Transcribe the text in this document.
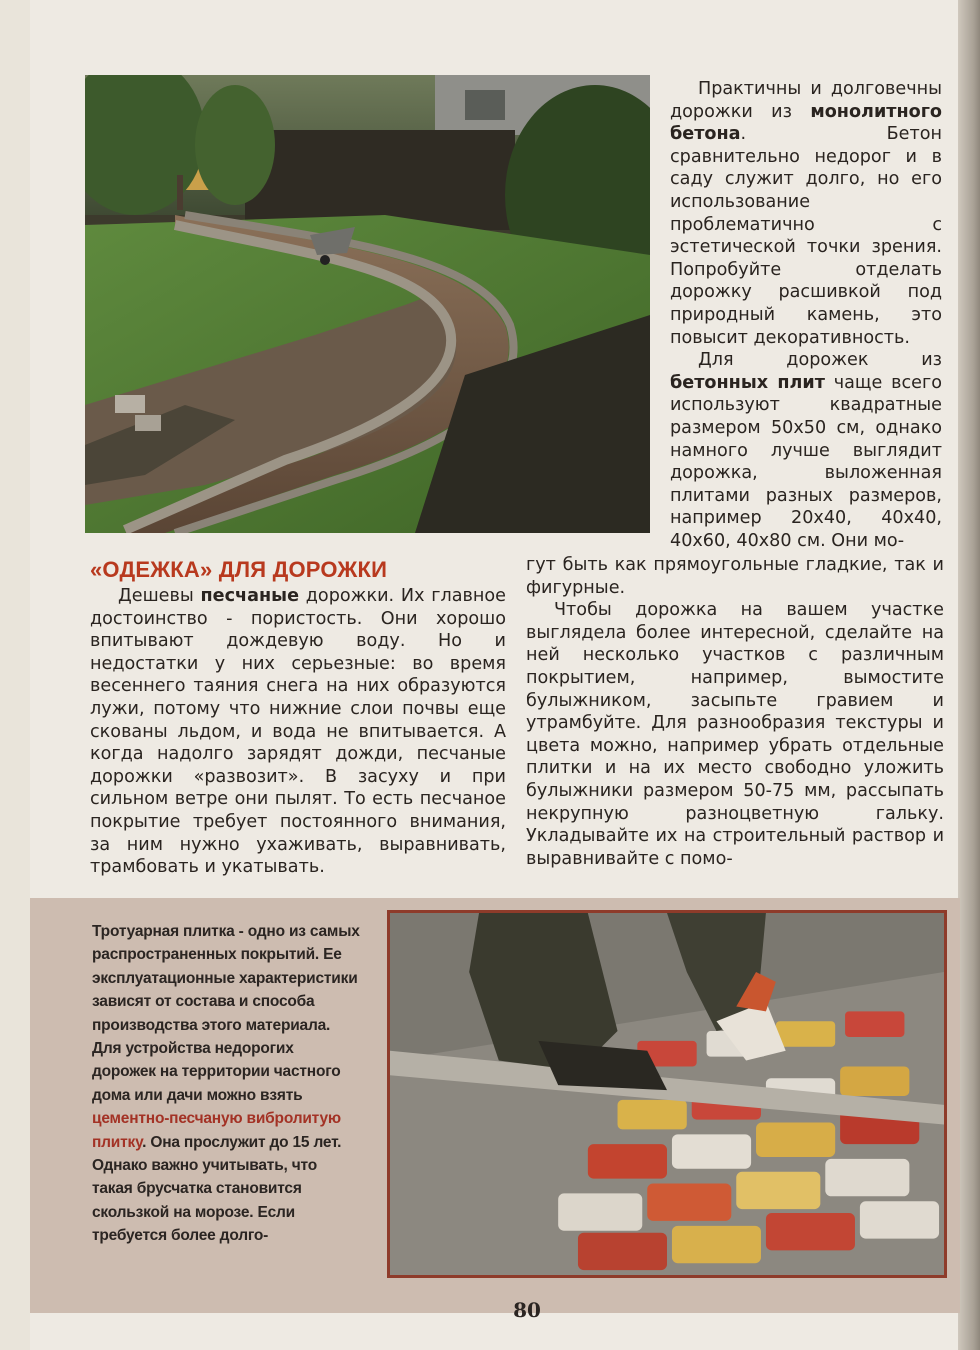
Практичны и долговечны дорожки из монолитного бетона. Бетон сравнительно недорог и в саду служит долго, но его использование проблематично с эстетической точки зрения. Попробуйте отделать дорожку расшивкой под природный камень, это повысит декоративность.

Для дорожек из бетонных плит чаще всего используют квадратные размером 50х50 см, однако намного лучше выглядит дорожка, выложенная плитами разных размеров, например 20х40, 40х40, 40х60, 40х80 см. Они мо-

«ОДЕЖКА» ДЛЯ ДОРОЖКИ

Дешевы песчаные дорожки. Их главное достоинство - пористость. Они хорошо впитывают дождевую воду. Но и недостатки у них серьезные: во время весеннего таяния снега на них образуются лужи, потому что нижние слои почвы еще скованы льдом, и вода не впитывается. А когда надолго зарядят дожди, песчаные дорожки «развозит». В засуху и при сильном ветре они пылят. То есть песчаное покрытие требует постоянного внимания, за ним нужно ухаживать, выравнивать, трамбовать и укатывать.

гут быть как прямоугольные гладкие, так и фигурные.

Чтобы дорожка на вашем участке выглядела более интересной, сделайте на ней несколько участков с различным покрытием, например, вымостите булыжником, засыпьте гравием и утрамбуйте. Для разнообразия текстуры и цвета можно, например убрать отдельные плитки и на их место свободно уложить булыжники размером 50-75 мм, рассыпать некрупную разноцветную гальку. Укладывайте их на строительный раствор и выравнивайте с помо-

Тротуарная плитка - одно из самых распространенных покрытий. Ее эксплуатационные характеристики зависят от состава и способа производства этого материала. Для устройства недорогих дорожек на территории частного дома или дачи можно взять цементно-песчаную вибролитую плитку. Она прослужит до 15 лет. Однако важно учитывать, что такая брусчатка становится скользкой на морозе. Если требуется более долго-
80
